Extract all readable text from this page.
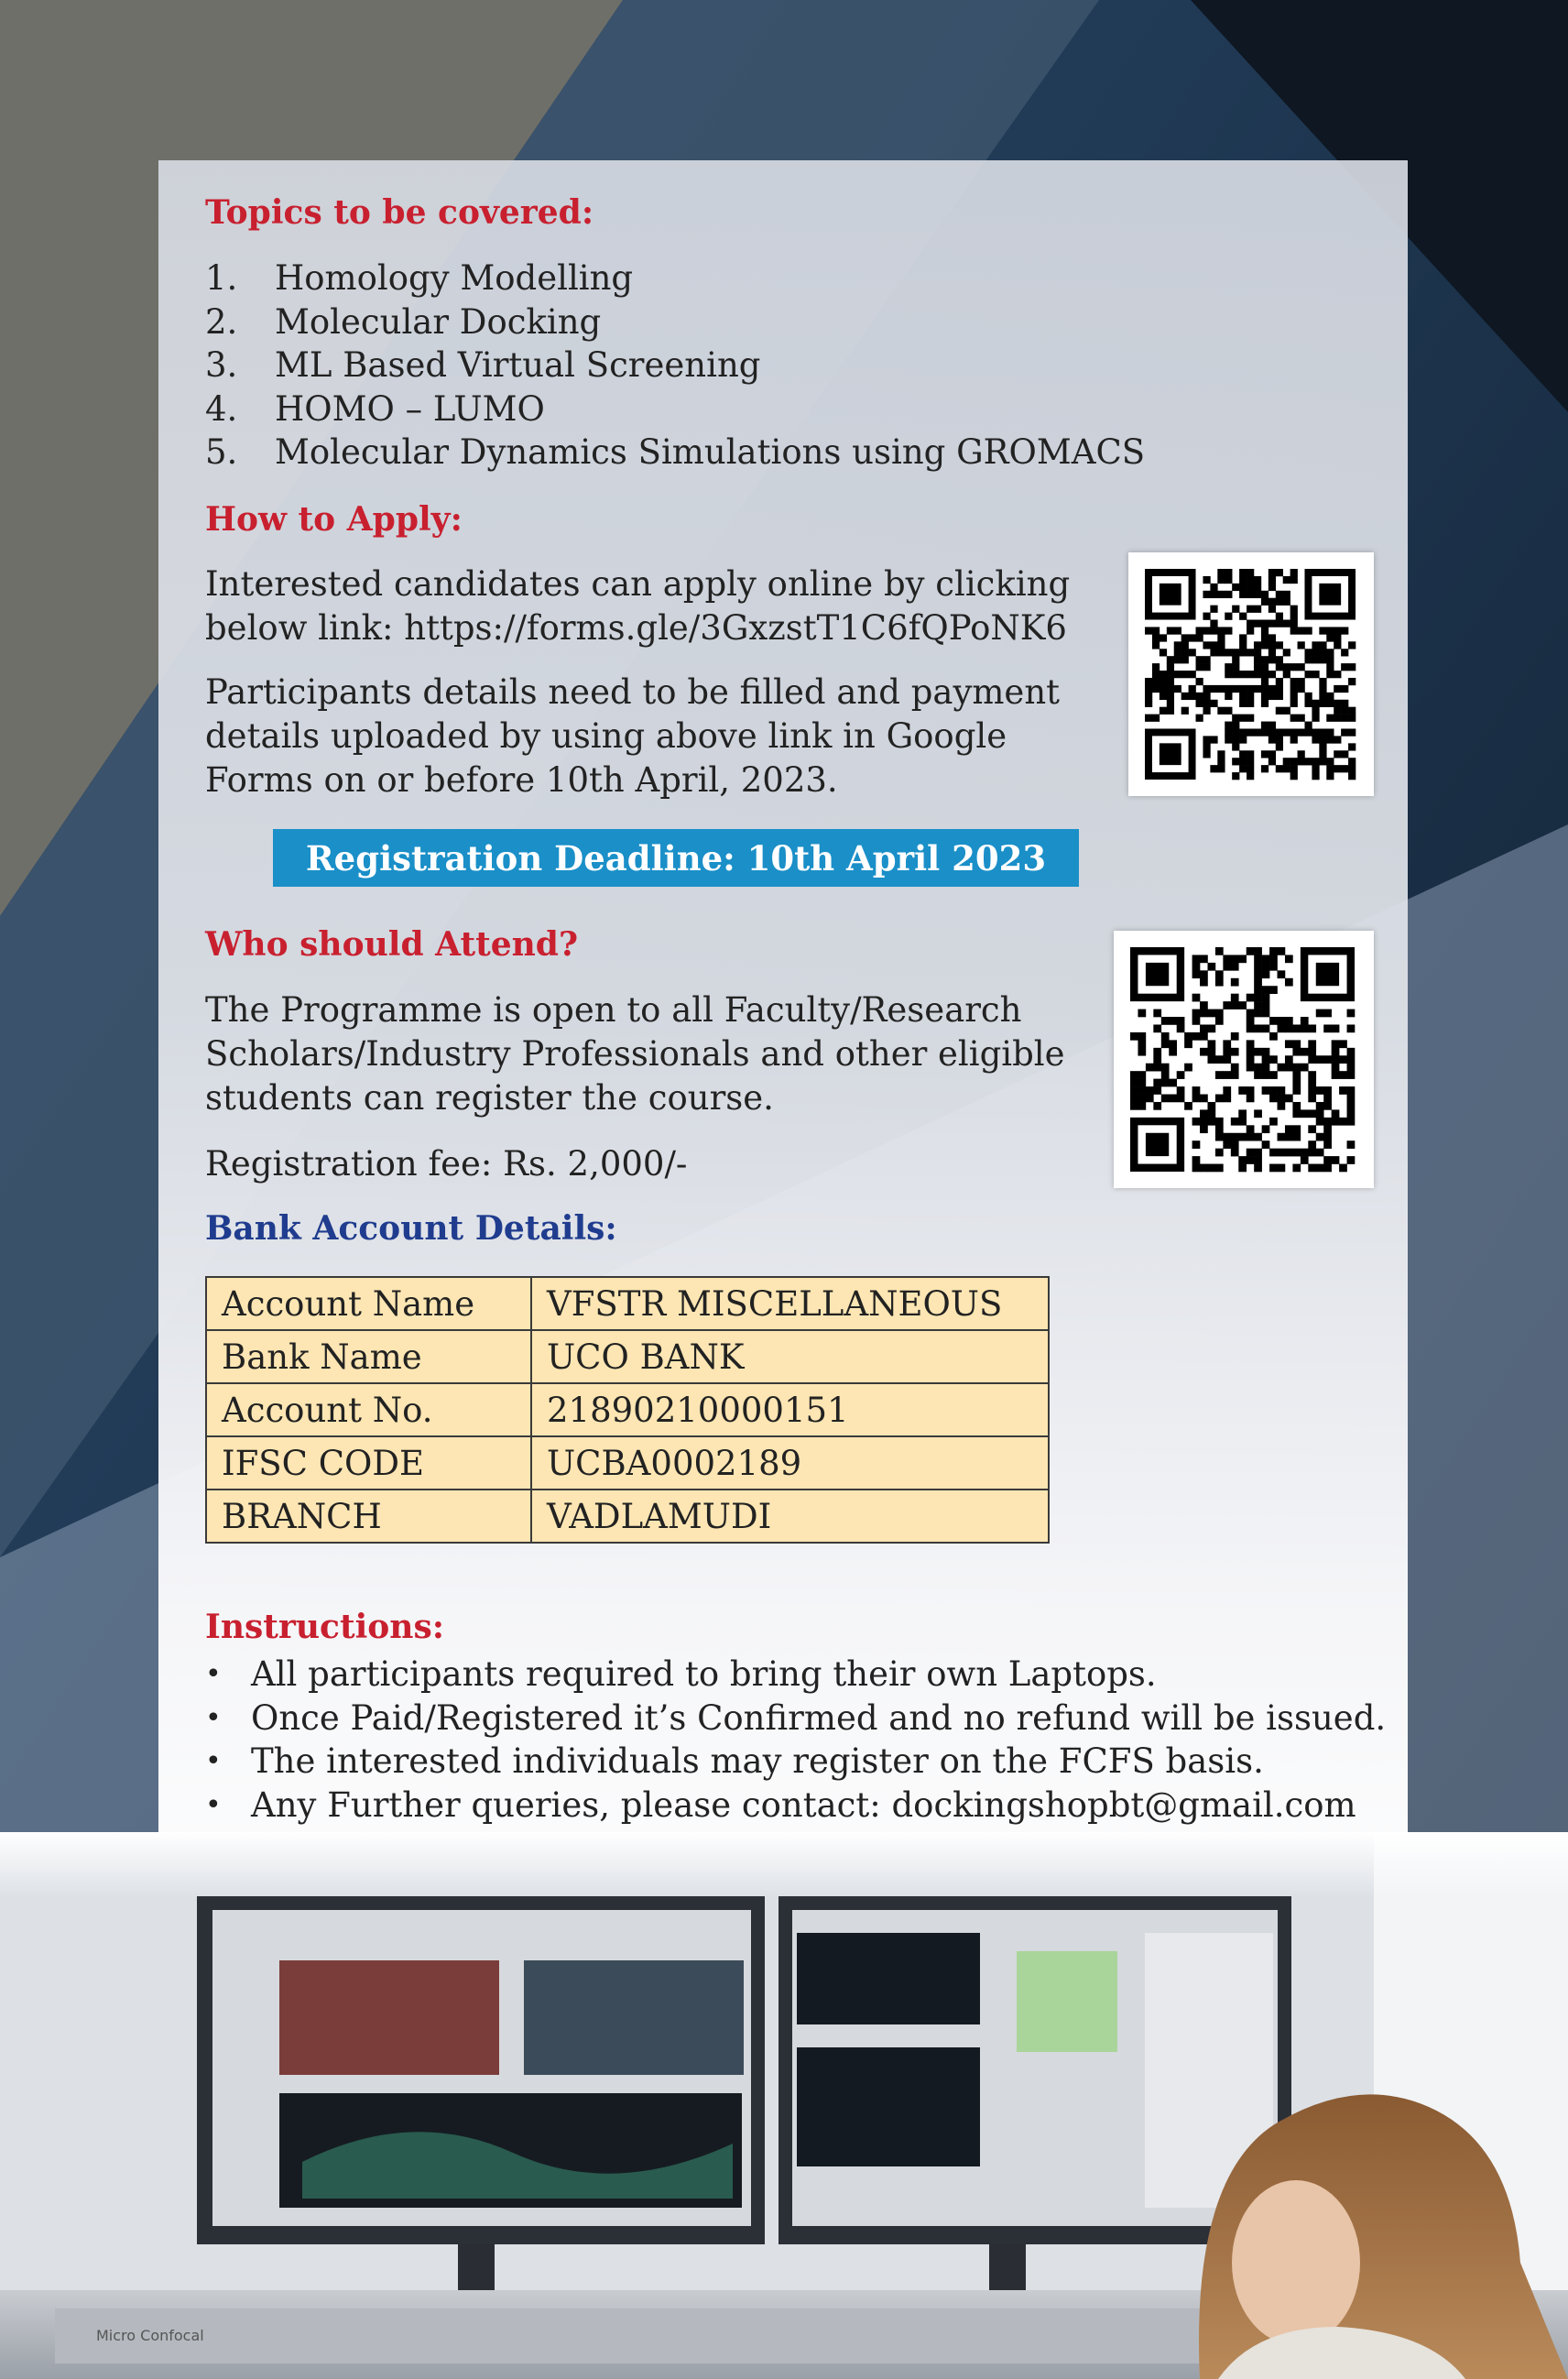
Topics to be covered:
1.	Homology Modelling
2.	Molecular Docking
3.	ML Based Virtual Screening
4.	HOMO – LUMO
5.	Molecular Dynamics Simulations using GROMACS
How to Apply:
Interested candidates can apply online by clicking
below link: https://forms.gle/3GxzstT1C6fQPoNK6
Participants details need to be filled and payment
details uploaded by using above link in Google
Forms on or before 10th April, 2023.
Registration Deadline: 10th April 2023
Who should Attend?
The Programme is open to all Faculty/Research
Scholars/Industry Professionals and other eligible
students can register the course.
Registration fee: Rs. 2,000/-
Bank Account Details:
Account Name	VFSTR MISCELLANEOUS
Bank Name	UCO BANK
Account No.	21890210000151
IFSC CODE	UCBA0002189
BRANCH	VADLAMUDI
Instructions:
• All participants required to bring their own Laptops.
• Once Paid/Registered it’s Confirmed and no refund will be issued.
• The interested individuals may register on the FCFS basis.
• Any Further queries, please contact: dockingshopbt@gmail.com
